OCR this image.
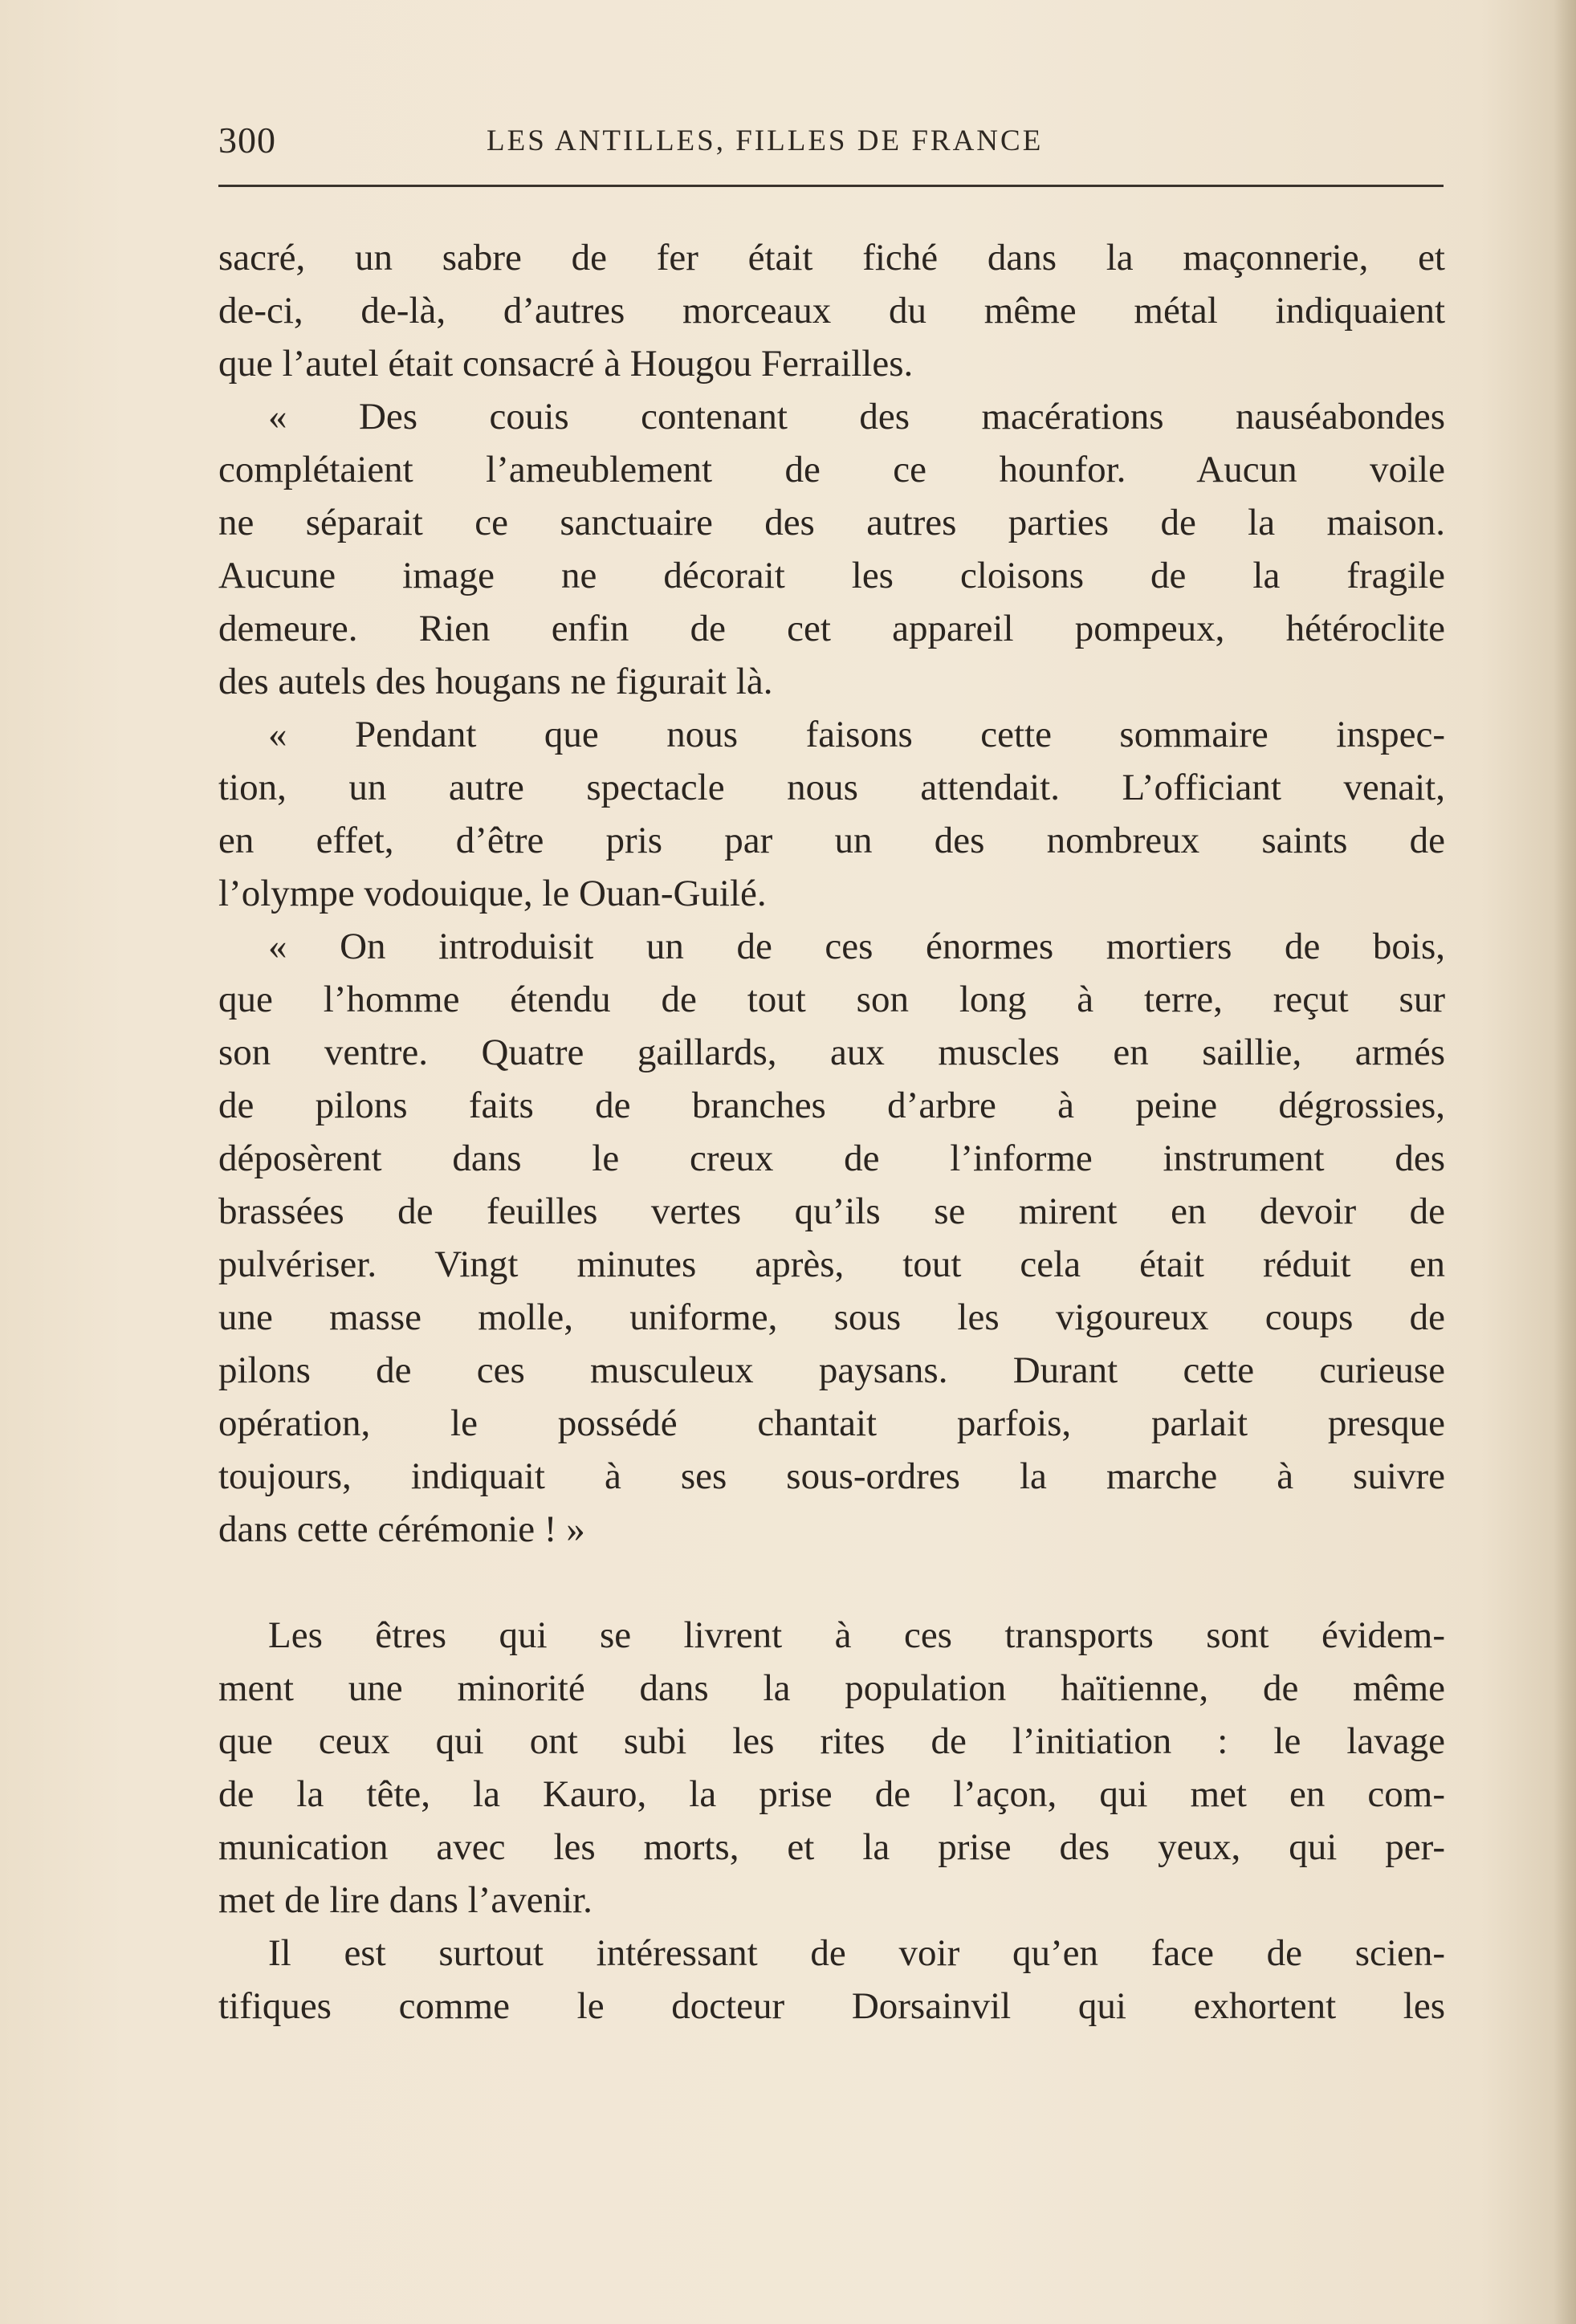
300	LES ANTILLES, FILLES DE FRANCE

sacré, un sabre de fer était fiché dans la maçonnerie, et

de-ci, de-là, d’autres morceaux du même métal indiquaient

que l’autel était consacré à Hougou Ferrailles.

« Des couis contenant des macérations nauséabondes

complétaient l’ameublement de ce hounfor. Aucun voile

ne séparait ce sanctuaire des autres parties de la maison.

Aucune image ne décorait les cloisons de la fragile

demeure. Rien enfin de cet appareil pompeux, hétéroclite

des autels des hougans ne figurait là.

« Pendant que nous faisons cette sommaire inspec-

tion, un autre spectacle nous attendait. L’officiant venait,

en effet, d’être pris par un des nombreux saints de

l’olympe vodouique, le Ouan-Guilé.

« On introduisit un de ces énormes mortiers de bois,

que l’homme étendu de tout son long à terre, reçut sur

son ventre. Quatre gaillards, aux muscles en saillie, armés

de pilons faits de branches d’arbre à peine dégrossies,

déposèrent dans le creux de l’informe instrument des

brassées de feuilles vertes qu’ils se mirent en devoir de

pulvériser. Vingt minutes après, tout cela était réduit en

une masse molle, uniforme, sous les vigoureux coups de

pilons de ces musculeux paysans. Durant cette curieuse

opération, le possédé chantait parfois, parlait presque

toujours, indiquait à ses sous-ordres la marche à suivre

dans cette cérémonie ! »

Les êtres qui se livrent à ces transports sont évidem-

ment une minorité dans la population haïtienne, de même

que ceux qui ont subi les rites de l’initiation : le lavage

de la tête, la Kauro, la prise de l’açon, qui met en com-

munication avec les morts, et la prise des yeux, qui per-

met de lire dans l’avenir.

Il est surtout intéressant de voir qu’en face de scien-

tifiques comme le docteur Dorsainvil qui exhortent les
